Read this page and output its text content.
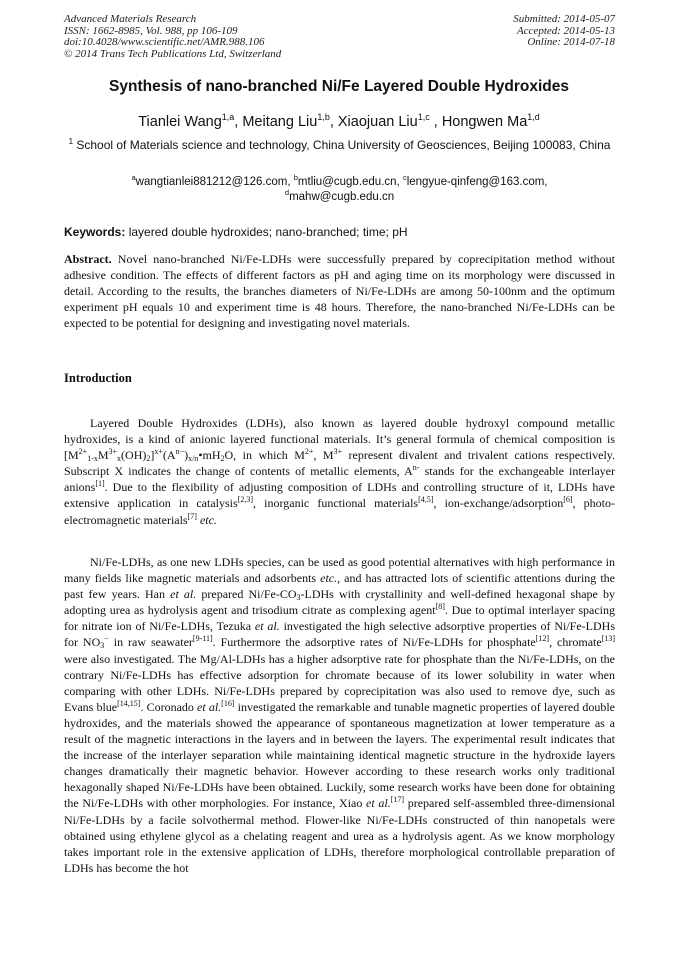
Advanced Materials Research
ISSN: 1662-8985, Vol. 988, pp 106-109
doi:10.4028/www.scientific.net/AMR.988.106
© 2014 Trans Tech Publications Ltd, Switzerland
Submitted: 2014-05-07
Accepted: 2014-05-13
Online: 2014-07-18
Synthesis of nano-branched Ni/Fe Layered Double Hydroxides
Tianlei Wang$^{1,a}$, Meitang Liu$^{1,b}$, Xiaojuan Liu$^{1,c}$ , Hongwen Ma$^{1,d}$
$^1$ School of Materials science and technology, China University of Geosciences, Beijing 100083, China
$^a$wangtianlei881212@126.com, $^b$mtliu@cugb.edu.cn, $^c$lengyue-qinfeng@163.com,
$^d$mahw@cugb.edu.cn
Keywords: layered double hydroxides; nano-branched; time; pH
Abstract. Novel nano-branched Ni/Fe-LDHs were successfully prepared by coprecipitation method without adhesive condition. The effects of different factors as pH and aging time on its morphology were discussed in detail. According to the results, the branches diameters of Ni/Fe-LDHs are among 50-100nm and the optimum experiment pH equals 10 and experiment time is 48 hours. Therefore, the nano-branched Ni/Fe-LDHs can be expected to be potential for designing and investigating novel materials.
Introduction
Layered Double Hydroxides (LDHs), also known as layered double hydroxyl compound metallic hydroxides, is a kind of anionic layered functional materials. It’s general formula of chemical composition is $[M^{2+}_{1-x}M^{3+}_x(OH)_2]^{x+}(A^{n-})_{x/n}•mH_2O$, in which $M^{2+}$, $M^{3+}$ represent divalent and trivalent cations respectively. Subscript X indicates the change of contents of metallic elements, $A^{n-}$ stands for the exchangeable interlayer anions[1]. Due to the flexibility of adjusting composition of LDHs and controlling structure of it, LDHs have extensive application in catalysis[2,3], inorganic functional materials[4,5], ion-exchange/adsorption[6], photo-electromagnetic materials[7] etc.
Ni/Fe-LDHs, as one new LDHs species, can be used as good potential alternatives with high performance in many fields like magnetic materials and adsorbents etc., and has attracted lots of scientific attentions during the past few years. Han et al. prepared $Ni/Fe-CO_3$-LDHs with crystallinity and well-defined hexagonal shape by adopting urea as hydrolysis agent and trisodium citrate as complexing agent[8]. Due to optimal interlayer spacing for nitrate ion of Ni/Fe-LDHs, Tezuka et al. investigated the high selective adsorptive properties of Ni/Fe-LDHs for $NO_3^-$ in raw seawater[9-11]. Furthermore the adsorptive rates of Ni/Fe-LDHs for phosphate[12], chromate[13] were also investigated. The Mg/Al-LDHs has a higher adsorptive rate for phosphate than the Ni/Fe-LDHs, on the contrary Ni/Fe-LDHs has effective adsorption for chromate because of its lower solubility in water when comparing with other LDHs. Ni/Fe-LDHs prepared by coprecipitation was also used to remove dye, such as Evans blue[14,15]. Coronado et al.[16] investigated the remarkable and tunable magnetic properties of layered double hydroxides, and the materials showed the appearance of spontaneous magnetization at lower temperature as a result of the magnetic interactions in the layers and in between the layers. The experimental result indicates that the increase of the interlayer separation while maintaining identical magnetic structure in the hydroxide layers changes dramatically their magnetic behavior. However according to these research works only traditional hexagonally shaped Ni/Fe-LDHs have been obtained. Luckily, some research works have been done for obtaining the Ni/Fe-LDHs with other morphologies. For instance, Xiao et al.[17] prepared self-assembled three-dimensional Ni/Fe-LDHs by a facile solvothermal method. Flower-like Ni/Fe-LDHs constructed of thin nanopetals were obtained using ethylene glycol as a chelating reagent and urea as a hydrolysis agent. As we know morphology takes important role in the extensive application of LDHs, therefore morphological controllable preparation of LDHs has become the hot
